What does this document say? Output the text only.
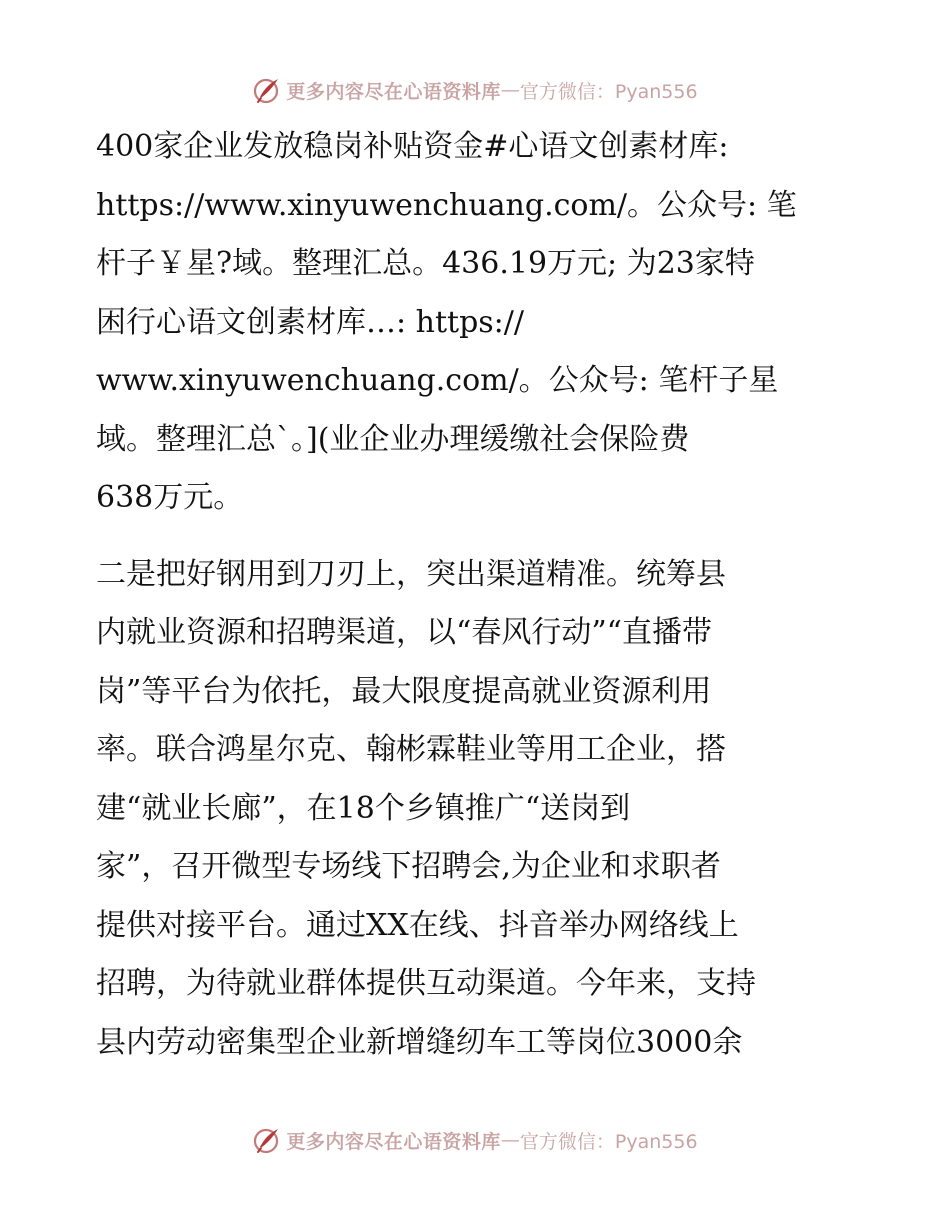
更多内容尽在心语资料库 — 官方微信：Pyan556
400家企业发放稳岗补贴资金#心语文创素材库:
https://www.xinyuwenchuang.com/。公众号: 笔
杆子￥星?域。整理汇总。436.19万元; 为23家特
困行心语文创素材库…: https://
www.xinyuwenchuang.com/。公众号: 笔杆子星
域。整理汇总`。](业企业办理缓缴社会保险费
638万元。
二是把好钢用到刀刃上，突出渠道精准。统筹县
内就业资源和招聘渠道，以“春风行动”“直播带
岗”等平台为依托，最大限度提高就业资源利用
率。联合鸿星尔克、翰彬霖鞋业等用工企业，搭
建“就业长廊”，在18个乡镇推广“送岗到
家”，召开微型专场线下招聘会,为企业和求职者
提供对接平台。通过XX在线、抖音举办网络线上
招聘，为待就业群体提供互动渠道。今年来，支持
县内劳动密集型企业新增缝纫车工等岗位3000余
更多内容尽在心语资料库 — 官方微信：Pyan556
